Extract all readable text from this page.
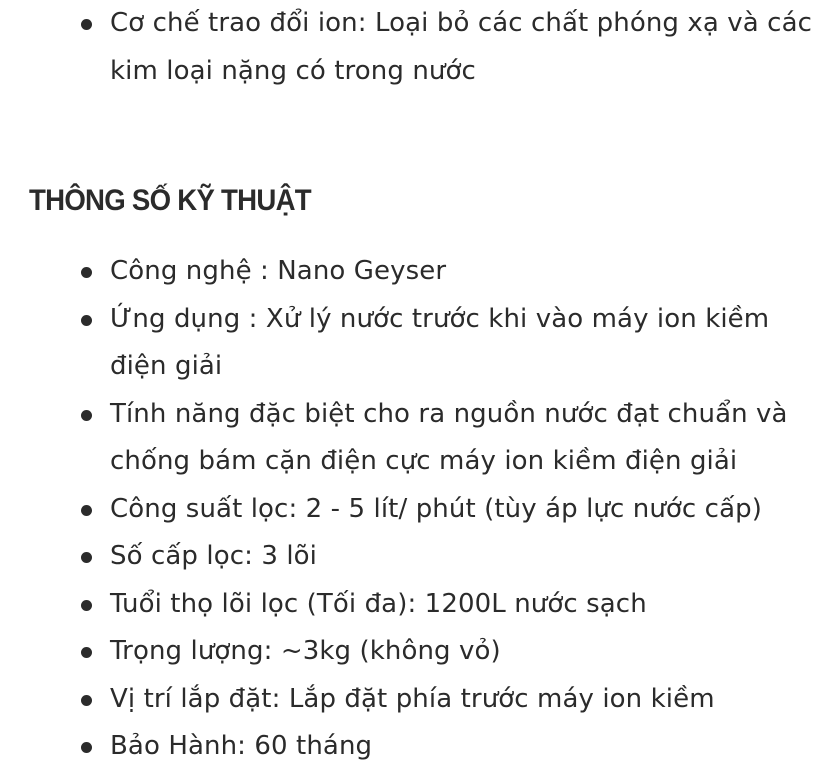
Cơ chế trao đổi ion: Loại bỏ các chất phóng xạ và các kim loại nặng có trong nước
THÔNG SỐ KỸ THUẬT
Công nghệ : Nano Geyser
Ứng dụng : Xử lý nước trước khi vào máy ion kiềm điện giải
Tính năng đặc biệt cho ra nguồn nước đạt chuẩn và chống bám cặn điện cực máy ion kiềm điện giải
Công suất lọc: 2 - 5 lít/ phút (tùy áp lực nước cấp)
Số cấp lọc: 3 lõi
Tuổi thọ lõi lọc (Tối đa): 1200L nước sạch
Trọng lượng: ~3kg (không vỏ)
Vị trí lắp đặt: Lắp đặt phía trước máy ion kiềm
Bảo Hành: 60 tháng
